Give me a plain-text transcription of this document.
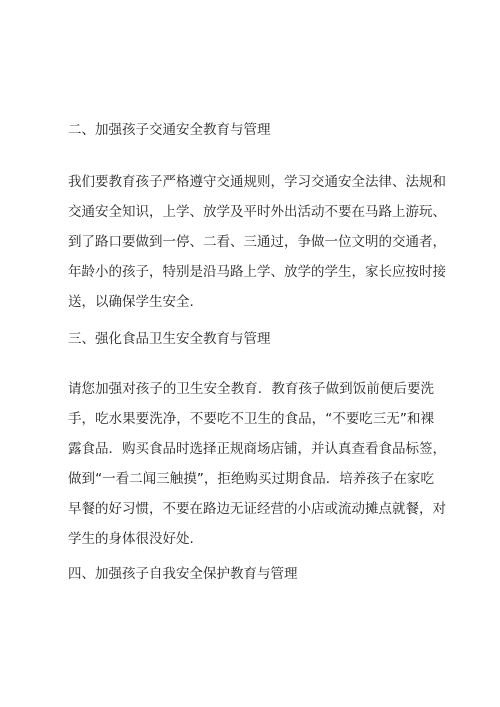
二、加强孩子交通安全教育与管理
我们要教育孩子严格遵守交通规则，学习交通安全法律、法规和
交通安全知识，上学、放学及平时外出活动不要在马路上游玩、
到了路口要做到一停、二看、三通过，争做一位文明的交通者，
年龄小的孩子，特别是沿马路上学、放学的学生，家长应按时接
送，以确保学生安全.
三、强化食品卫生安全教育与管理
请您加强对孩子的卫生安全教育．教育孩子做到饭前便后要洗
手，吃水果要洗净，不要吃不卫生的食品，“不要吃三无”和裸
露食品．购买食品时选择正规商场店铺，并认真查看食品标签，
做到“一看二闻三触摸”，拒绝购买过期食品．培养孩子在家吃
早餐的好习惯，不要在路边无证经营的小店或流动摊点就餐，对
学生的身体很没好处.
四、加强孩子自我安全保护教育与管理
